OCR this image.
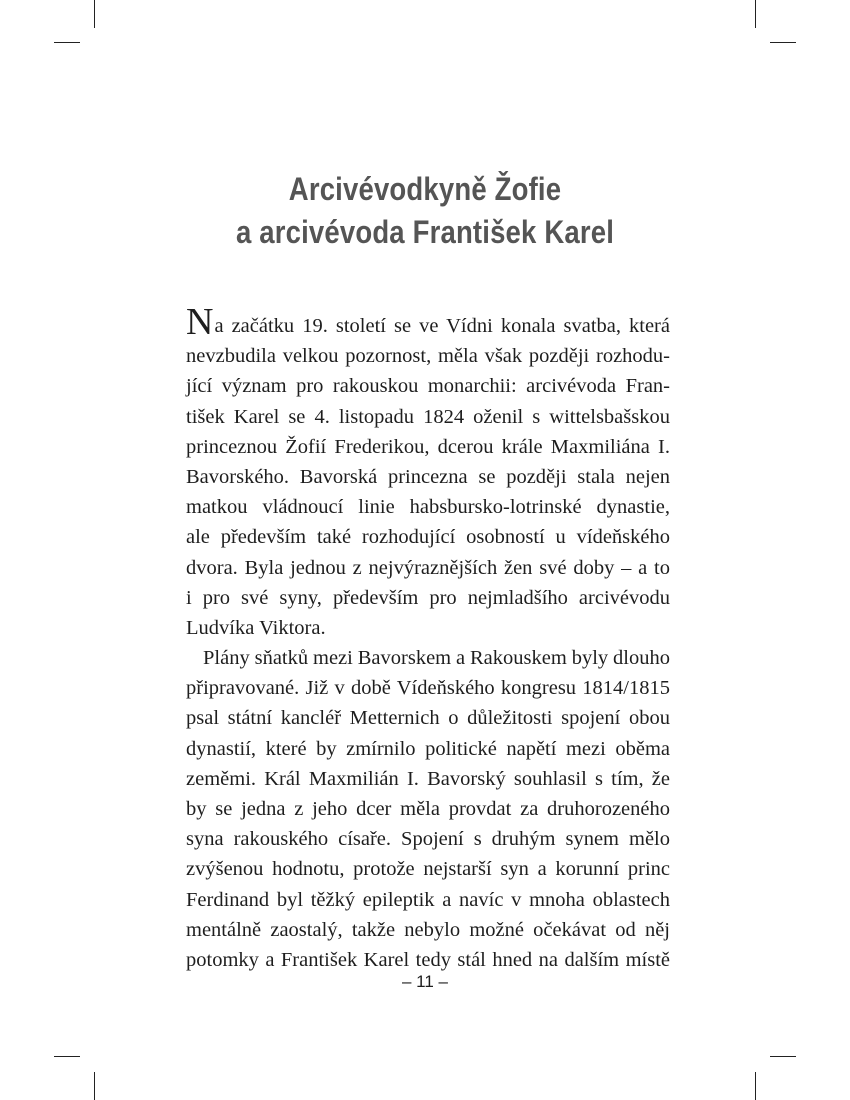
Arcivévodkyně Žofie
a arcivévoda František Karel
Na začátku 19. století se ve Vídni konala svatba, která
nevzbudila velkou pozornost, měla však později rozhodu-
jící význam pro rakouskou monarchii: arcivévoda Fran-
tišek Karel se 4. listopadu 1824 oženil s wittelsbašskou
princeznou Žofií Frederikou, dcerou krále Maxmiliána I.
Bavorského. Bavorská princezna se později stala nejen
matkou vládnoucí linie habsbursko-lotrinské dynastie,
ale především také rozhodující osobností u vídeňského
dvora. Byla jednou z nejvýraznějších žen své doby – a to
i pro své syny, především pro nejmladšího arcivévodu
Ludvíka Viktora.
Plány sňatků mezi Bavorskem a Rakouskem byly dlouho
připravované. Již v době Vídeňského kongresu 1814/1815
psal státní kancléř Metternich o důležitosti spojení obou
dynastií, které by zmírnilo politické napětí mezi oběma
zeměmi. Král Maxmilián I. Bavorský souhlasil s tím, že
by se jedna z jeho dcer měla provdat za druhorozeného
syna rakouského císaře. Spojení s druhým synem mělo
zvýšenou hodnotu, protože nejstarší syn a korunní princ
Ferdinand byl těžký epileptik a navíc v mnoha oblastech
mentálně zaostalý, takže nebylo možné očekávat od něj
potomky a František Karel tedy stál hned na dalším místě
– 11 –
